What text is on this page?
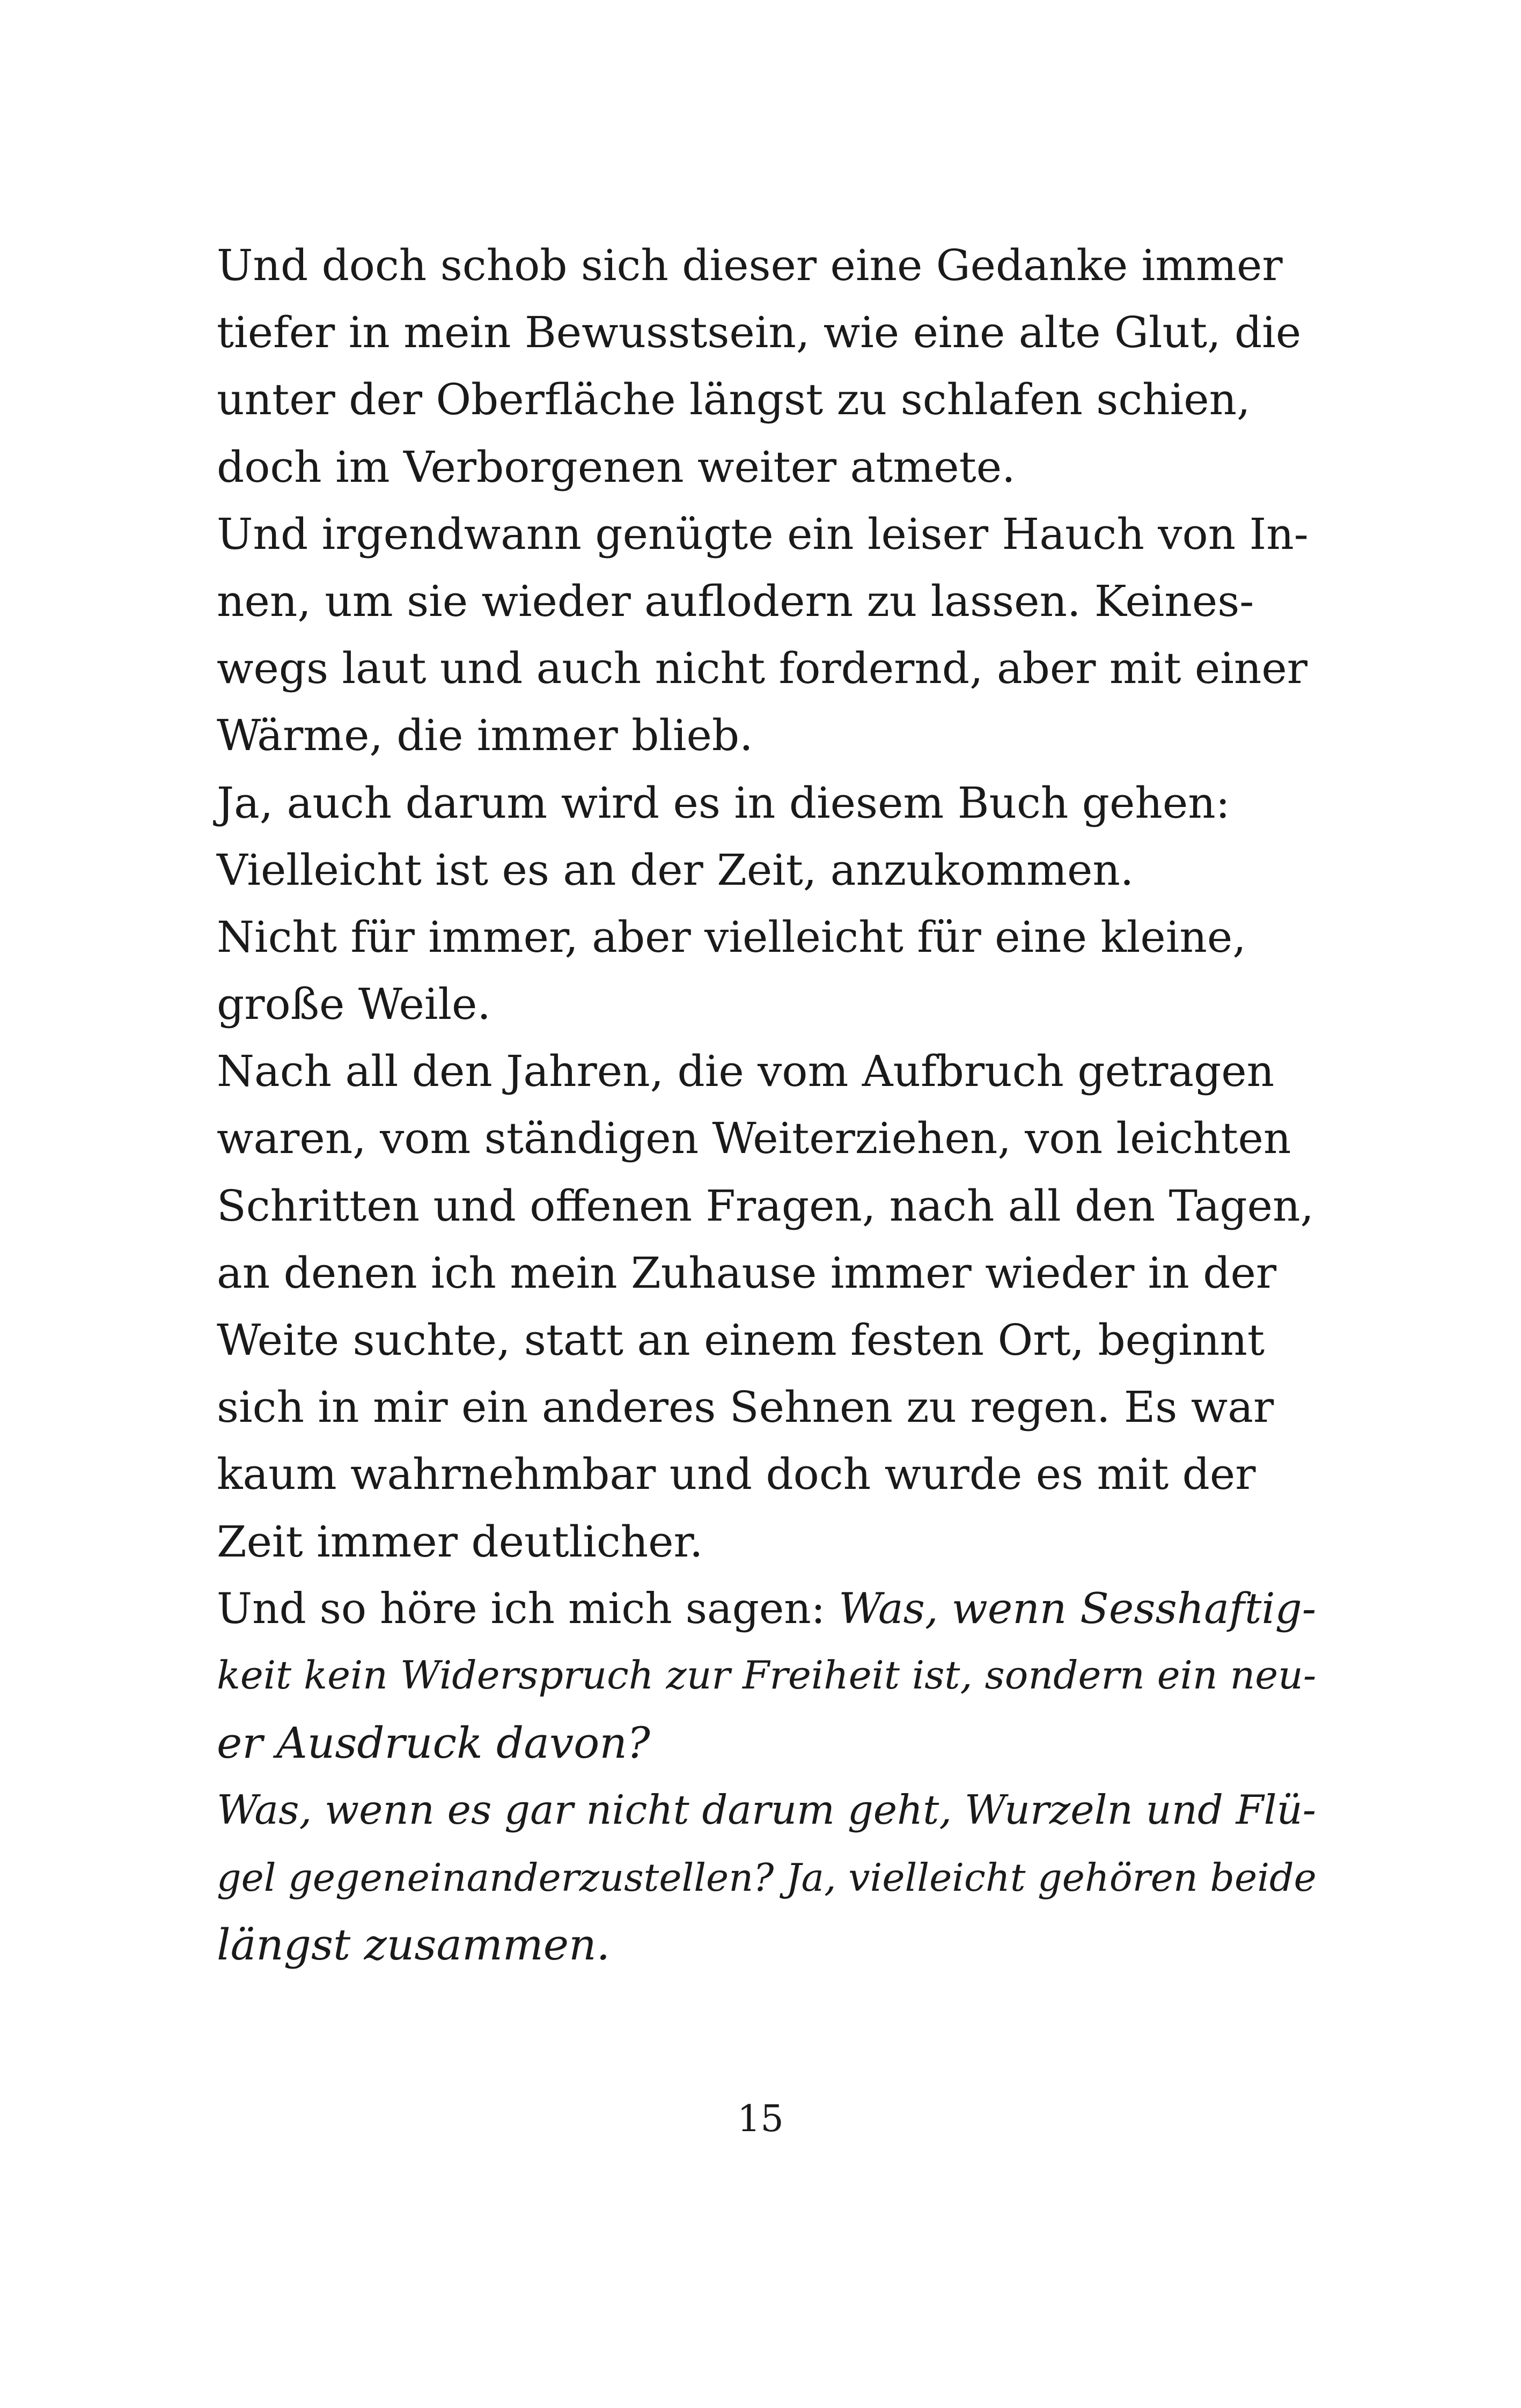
Und doch schob sich dieser eine Gedanke immer
tiefer in mein Bewusstsein, wie eine alte Glut, die
unter der Oberfläche längst zu schlafen schien,
doch im Verborgenen weiter atmete.
Und irgendwann genügte ein leiser Hauch von In-
nen, um sie wieder auflodern zu lassen. Keines-
wegs laut und auch nicht fordernd, aber mit einer
Wärme, die immer blieb.
Ja, auch darum wird es in diesem Buch gehen:
Vielleicht ist es an der Zeit, anzukommen.
Nicht für immer, aber vielleicht für eine kleine,
große Weile.
Nach all den Jahren, die vom Aufbruch getragen
waren, vom ständigen Weiterziehen, von leichten
Schritten und offenen Fragen, nach all den Tagen,
an denen ich mein Zuhause immer wieder in der
Weite suchte, statt an einem festen Ort, beginnt
sich in mir ein anderes Sehnen zu regen. Es war
kaum wahrnehmbar und doch wurde es mit der
Zeit immer deutlicher.
Und so höre ich mich sagen: Was, wenn Sesshaftig-
keit kein Widerspruch zur Freiheit ist, sondern ein neu-
er Ausdruck davon?
Was, wenn es gar nicht darum geht, Wurzeln und Flü-
gel gegeneinanderzustellen? Ja, vielleicht gehören beide
längst zusammen.
15
